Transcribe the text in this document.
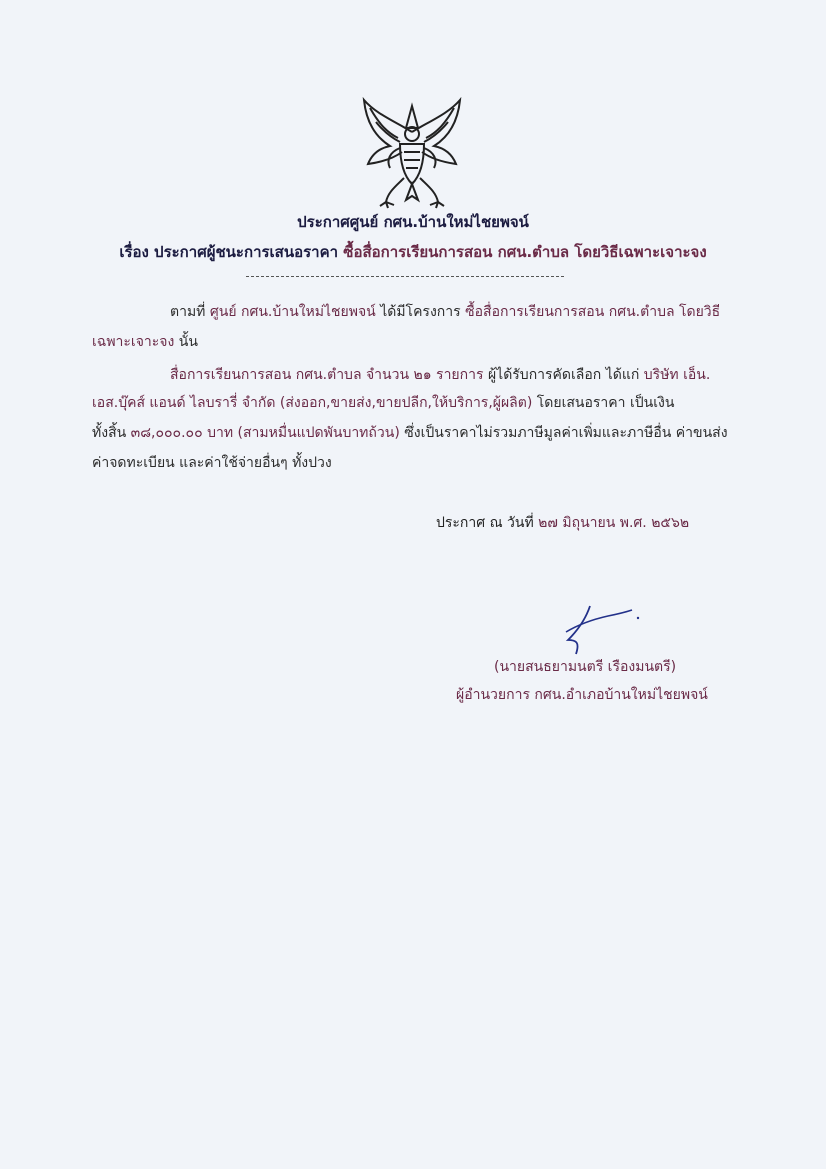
ประกาศศูนย์ กศน.บ้านใหม่ไชยพจน์
เรื่อง ประกาศผู้ชนะการเสนอราคา ซื้อสื่อการเรียนการสอน กศน.ตำบล โดยวิธีเฉพาะเจาะจง
ตามที่ ศูนย์ กศน.บ้านใหม่ไชยพจน์ ได้มีโครงการ ซื้อสื่อการเรียนการสอน กศน.ตำบล โดยวิธี
เฉพาะเจาะจง นั้น
สื่อการเรียนการสอน กศน.ตำบล จำนวน ๒๑ รายการ ผู้ได้รับการคัดเลือก ได้แก่ บริษัท เอ็น.
เอส.บุ๊คส์ แอนด์ ไลบรารี่ จำกัด (ส่งออก,ขายส่ง,ขายปลีก,ให้บริการ,ผู้ผลิต) โดยเสนอราคา เป็นเงิน
ทั้งสิ้น ๓๘,๐๐๐.๐๐ บาท (สามหมื่นแปดพันบาทถ้วน) ซึ่งเป็นราคาไม่รวมภาษีมูลค่าเพิ่มและภาษีอื่น ค่าขนส่ง
ค่าจดทะเบียน และค่าใช้จ่ายอื่นๆ ทั้งปวง
ประกาศ ณ วันที่ ๒๗ มิถุนายน พ.ศ. ๒๕๖๒
(นายสนธยามนตรี เรืองมนตรี)
ผู้อำนวยการ กศน.อำเภอบ้านใหม่ไชยพจน์
